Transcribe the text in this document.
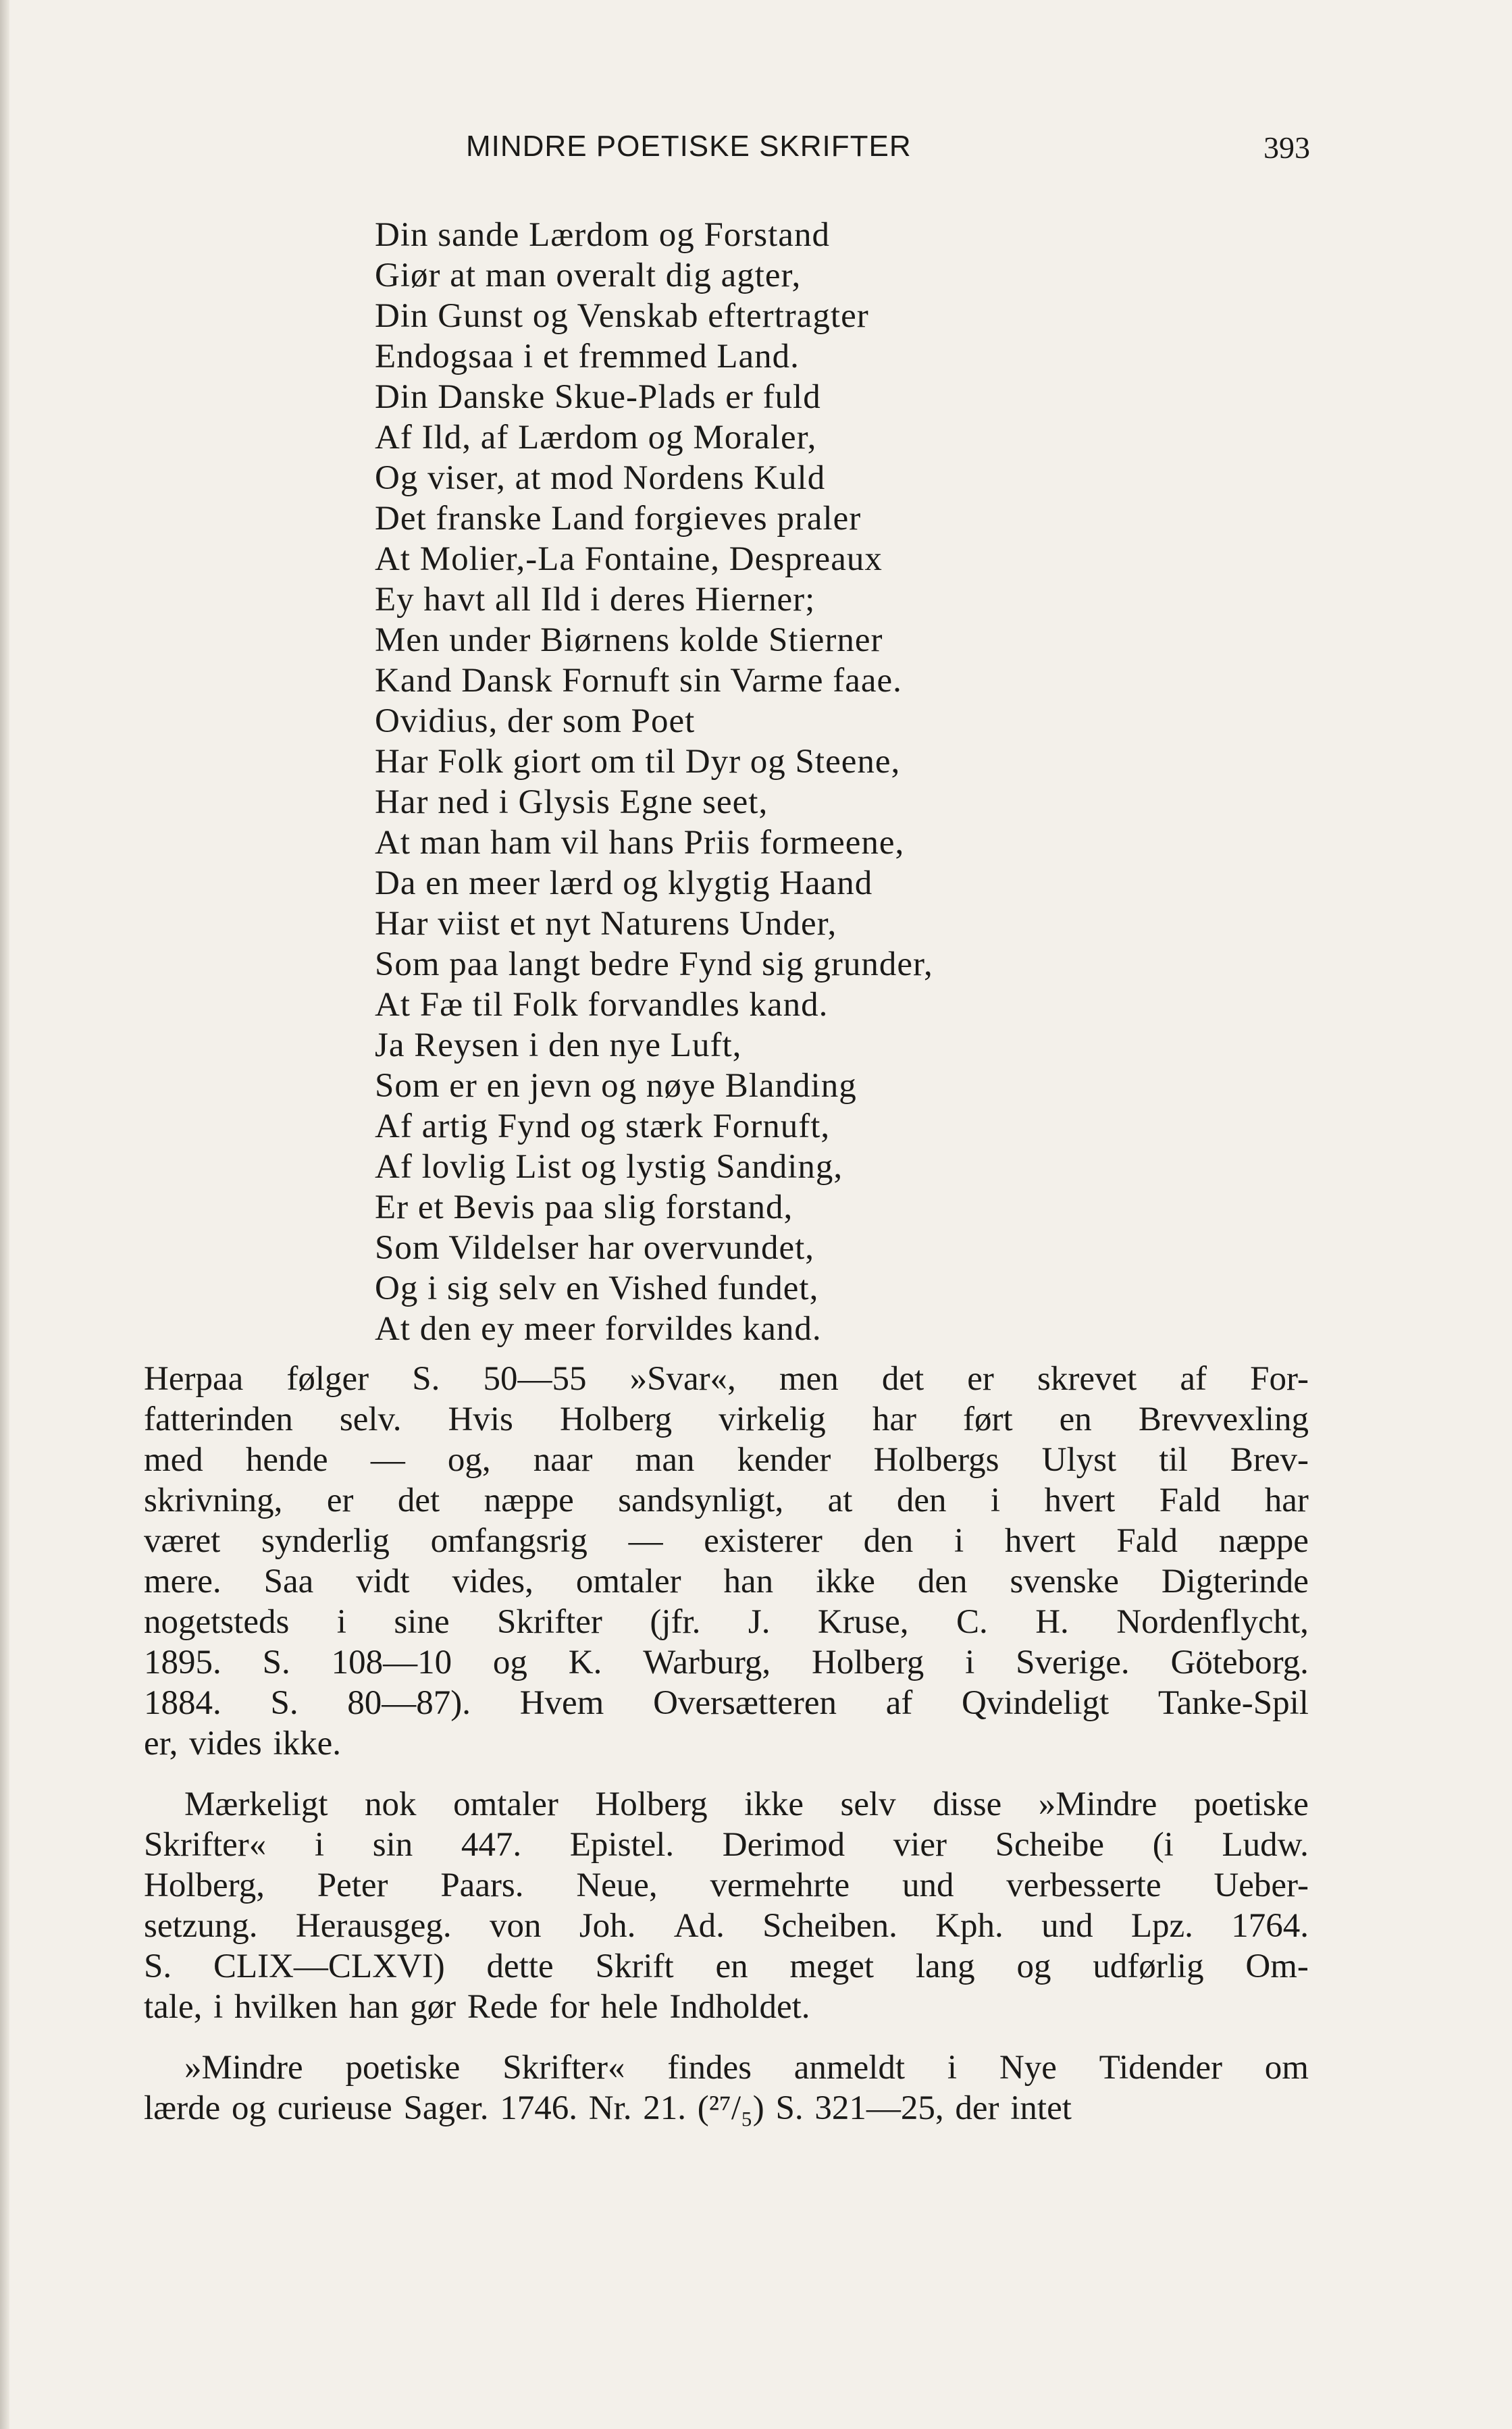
MINDRE POETISKE SKRIFTER	393
Din sande Lærdom og Forstand
Giør at man overalt dig agter,
Din Gunst og Venskab eftertragter
Endogsaa i et fremmed Land.
Din Danske Skue-Plads er fuld
Af Ild, af Lærdom og Moraler,
Og viser, at mod Nordens Kuld
Det franske Land forgieves praler
At Molier,-La Fontaine, Despreaux
Ey havt all Ild i deres Hierner;
Men under Biørnens kolde Stierner
Kand Dansk Fornuft sin Varme faae.
Ovidius, der som Poet
Har Folk giort om til Dyr og Steene,
Har ned i Glysis Egne seet,
At man ham vil hans Priis formeene,
Da en meer lærd og klygtig Haand
Har viist et nyt Naturens Under,
Som paa langt bedre Fynd sig grunder,
At Fæ til Folk forvandles kand.
Ja Reysen i den nye Luft,
Som er en jevn og nøye Blanding
Af artig Fynd og stærk Fornuft,
Af lovlig List og lystig Sanding,
Er et Bevis paa slig forstand,
Som Vildelser har overvundet,
Og i sig selv en Vished fundet,
At den ey meer forvildes kand.
Herpaa følger S. 50—55 »Svar«, men det er skrevet af For-
fatterinden selv. Hvis Holberg virkelig har ført en Brevvexling
med hende — og, naar man kender Holbergs Ulyst til Brev-
skrivning, er det næppe sandsynligt, at den i hvert Fald har
været synderlig omfangsrig — existerer den i hvert Fald næppe
mere. Saa vidt vides, omtaler han ikke den svenske Digterinde
nogetsteds i sine Skrifter (jfr. J. Kruse, C. H. Nordenflycht,
1895. S. 108—10 og K. Warburg, Holberg i Sverige. Göteborg.
1884. S. 80—87). Hvem Oversætteren af Qvindeligt Tanke-Spil
er, vides ikke.
Mærkeligt nok omtaler Holberg ikke selv disse »Mindre poetiske
Skrifter« i sin 447. Epistel. Derimod vier Scheibe (i Ludw.
Holberg, Peter Paars. Neue, vermehrte und verbesserte Ueber-
setzung. Herausgeg. von Joh. Ad. Scheiben. Kph. und Lpz. 1764.
S. CLIX—CLXVI) dette Skrift en meget lang og udførlig Om-
tale, i hvilken han gør Rede for hele Indholdet.
»Mindre poetiske Skrifter« findes anmeldt i Nye Tidender om
lærde og curieuse Sager. 1746. Nr. 21. (²⁷/₅) S. 321—25, der intet
